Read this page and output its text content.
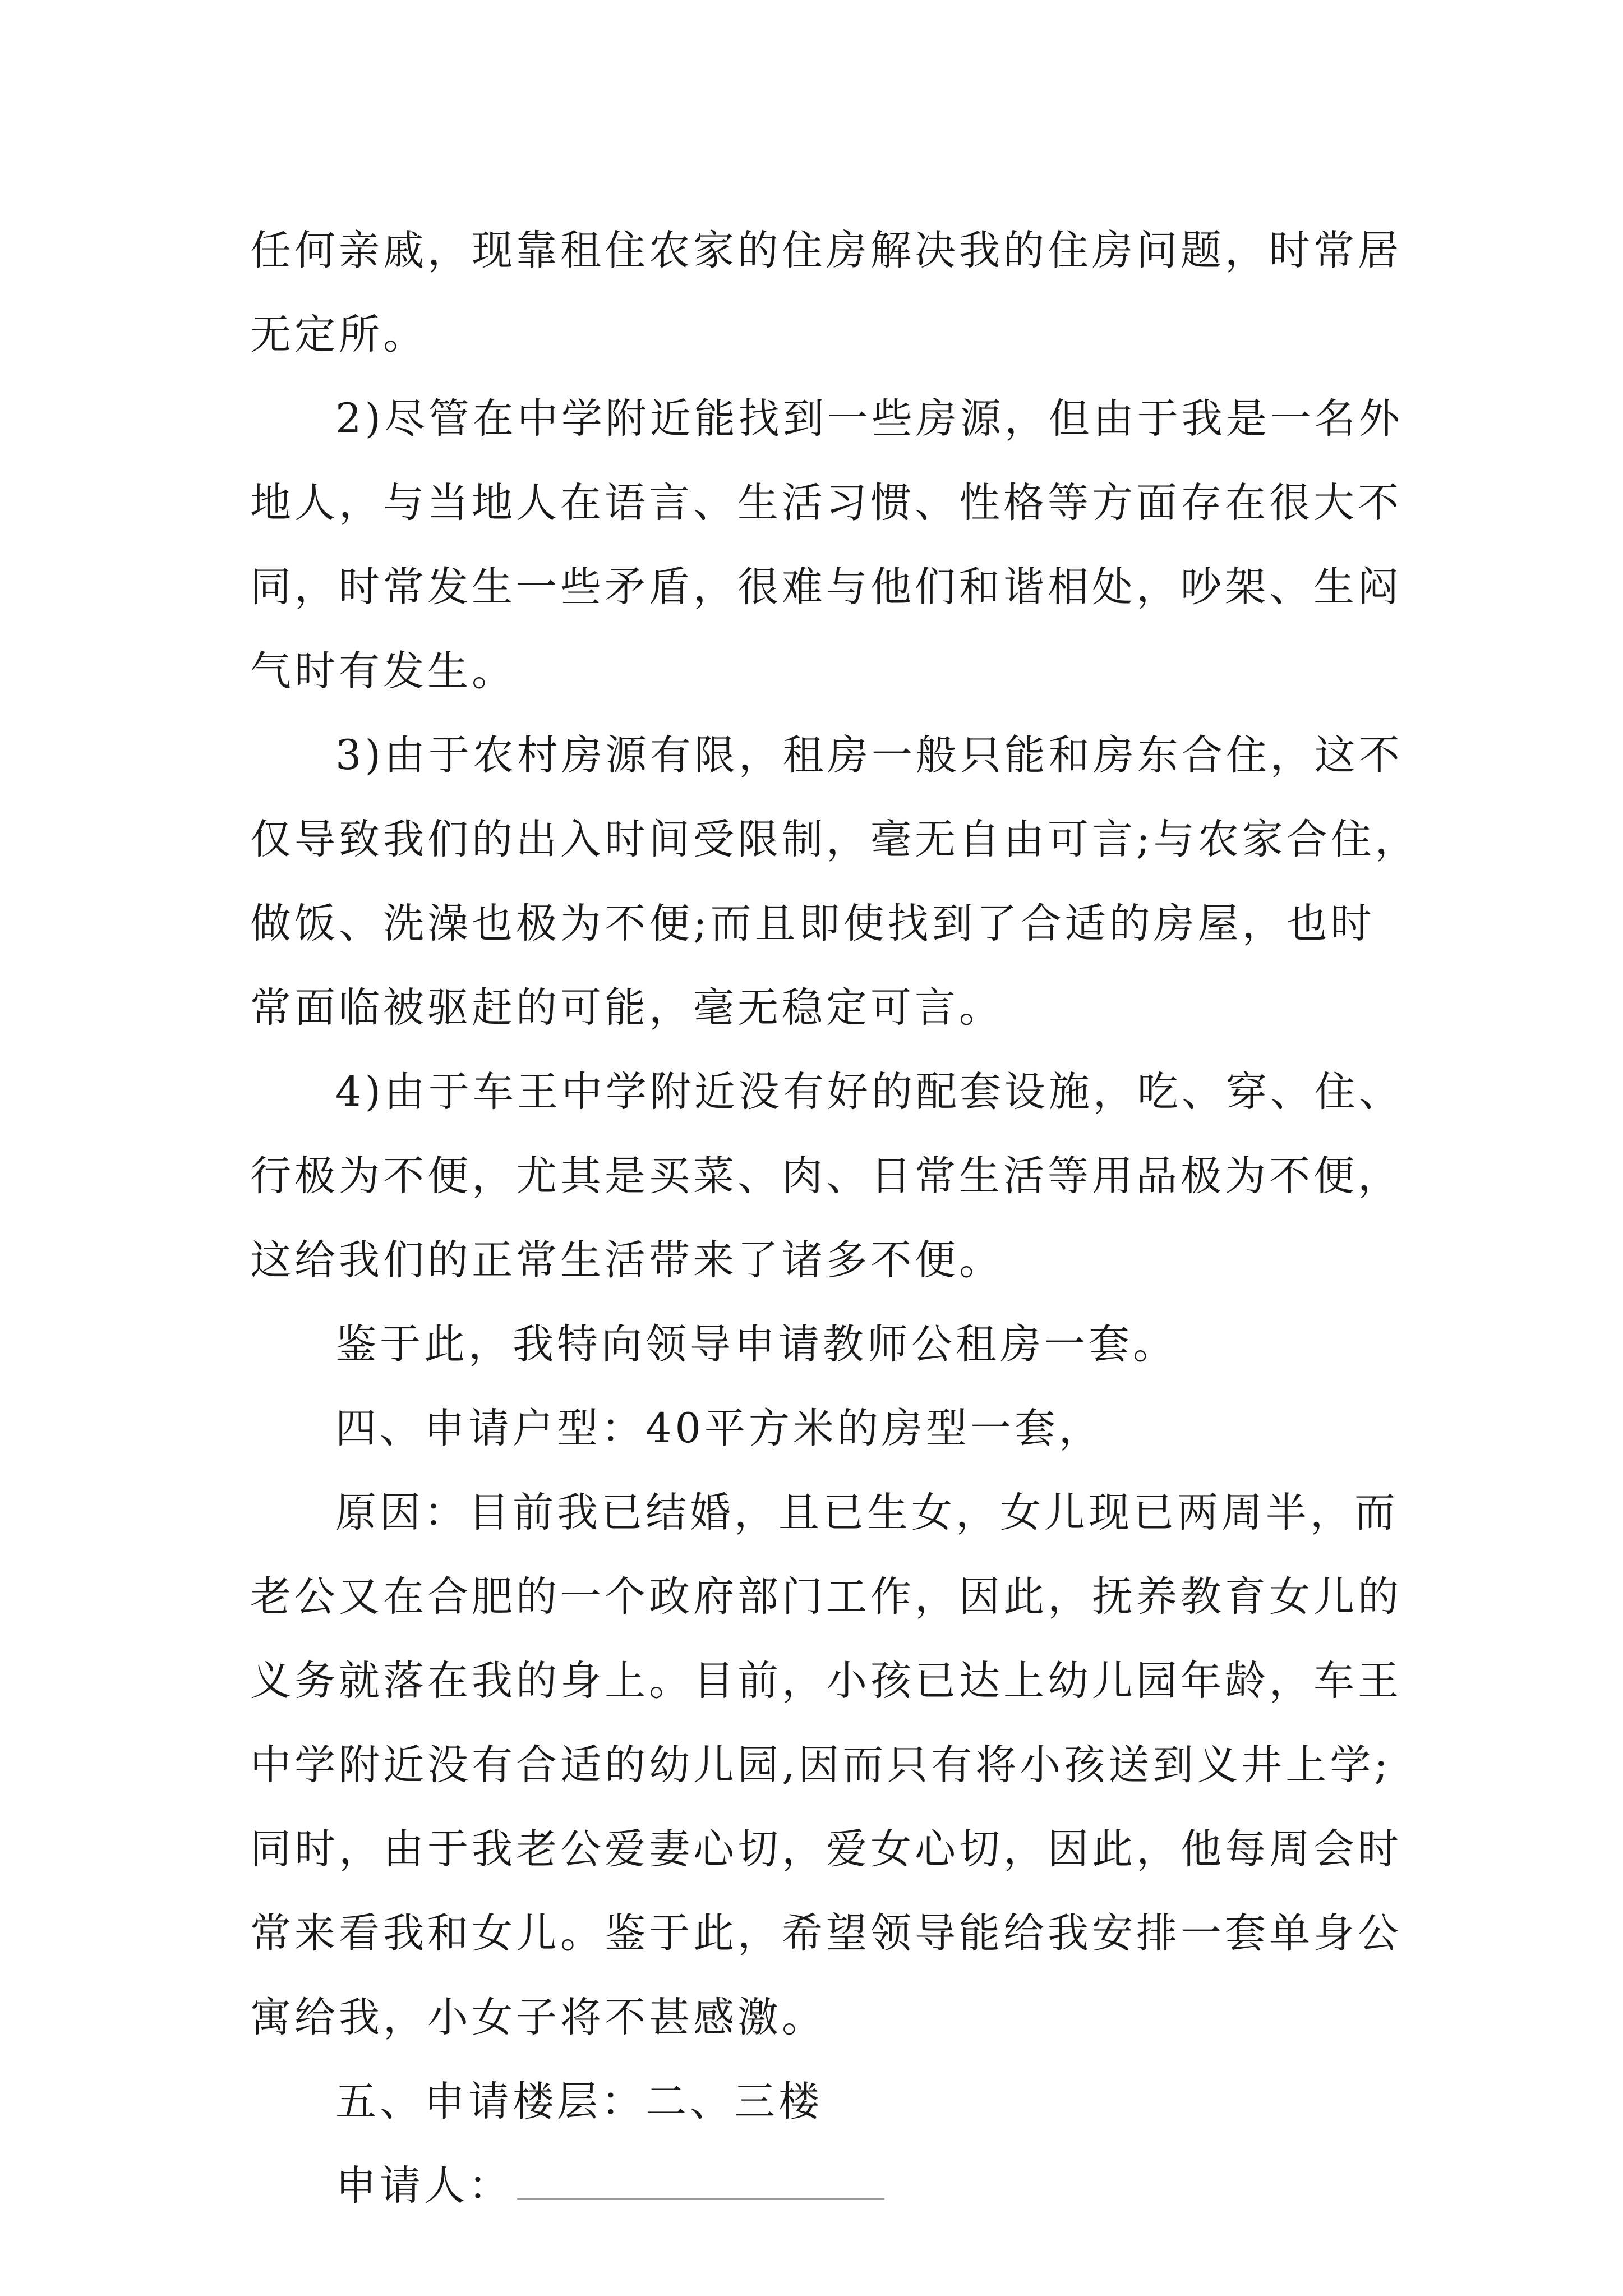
任何亲戚，现靠租住农家的住房解决我的住房问题，时常居
无定所。
2)尽管在中学附近能找到一些房源，但由于我是一名外
地人，与当地人在语言、生活习惯、性格等方面存在很大不
同，时常发生一些矛盾，很难与他们和谐相处，吵架、生闷
气时有发生。
3)由于农村房源有限，租房一般只能和房东合住，这不
仅导致我们的出入时间受限制，毫无自由可言;与农家合住，
做饭、洗澡也极为不便;而且即使找到了合适的房屋，也时
常面临被驱赶的可能，毫无稳定可言。
4)由于车王中学附近没有好的配套设施，吃、穿、住、
行极为不便，尤其是买菜、肉、日常生活等用品极为不便，
这给我们的正常生活带来了诸多不便。
鉴于此，我特向领导申请教师公租房一套。
四、申请户型：40平方米的房型一套，
原因：目前我已结婚，且已生女，女儿现已两周半，而
老公又在合肥的一个政府部门工作，因此，抚养教育女儿的
义务就落在我的身上。目前，小孩已达上幼儿园年龄，车王
中学附近没有合适的幼儿园,因而只有将小孩送到义井上学;
同时，由于我老公爱妻心切，爱女心切，因此，他每周会时
常来看我和女儿。鉴于此，希望领导能给我安排一套单身公
寓给我，小女子将不甚感激。
五、申请楼层：二、三楼
申请人：
